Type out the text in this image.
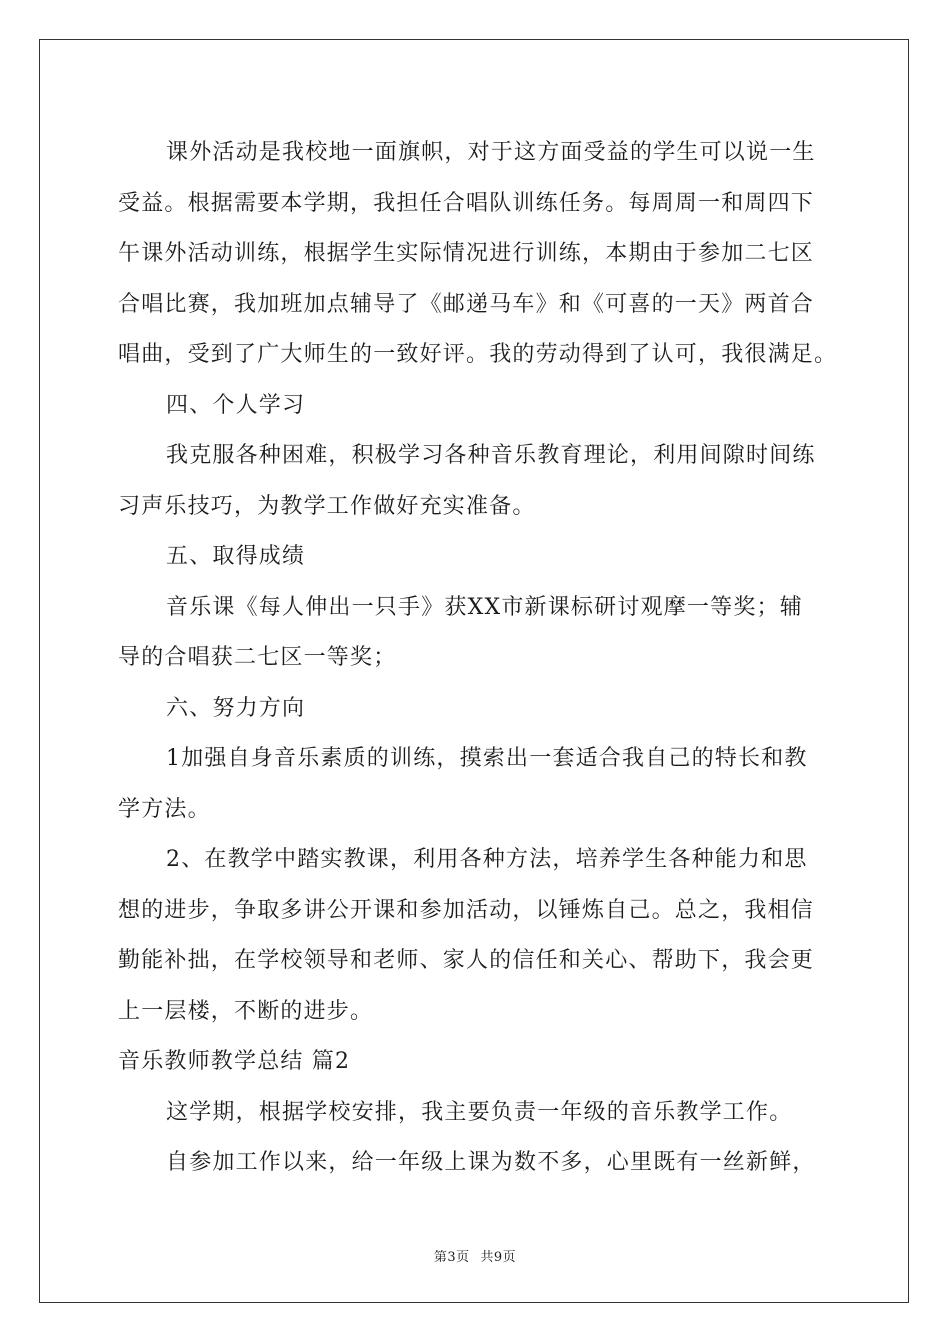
课外活动是我校地一面旗帜，对于这方面受益的学生可以说一生

受益。根据需要本学期，我担任合唱队训练任务。每周周一和周四下

午课外活动训练，根据学生实际情况进行训练，本期由于参加二七区

合唱比赛，我加班加点辅导了《邮递马车》和《可喜的一天》两首合

唱曲，受到了广大师生的一致好评。我的劳动得到了认可，我很满足。

四、个人学习

我克服各种困难，积极学习各种音乐教育理论，利用间隙时间练

习声乐技巧，为教学工作做好充实准备。

五、取得成绩

音乐课《每人伸出一只手》获XX市新课标研讨观摩一等奖；辅

导的合唱获二七区一等奖；

六、努力方向

1加强自身音乐素质的训练，摸索出一套适合我自己的特长和教

学方法。

2、在教学中踏实教课，利用各种方法，培养学生各种能力和思

想的进步，争取多讲公开课和参加活动，以锤炼自己。总之，我相信

勤能补拙，在学校领导和老师、家人的信任和关心、帮助下，我会更

上一层楼，不断的进步。

音乐教师教学总结 篇2

这学期，根据学校安排，我主要负责一年级的音乐教学工作。

自参加工作以来，给一年级上课为数不多，心里既有一丝新鲜，

第3页 共9页
